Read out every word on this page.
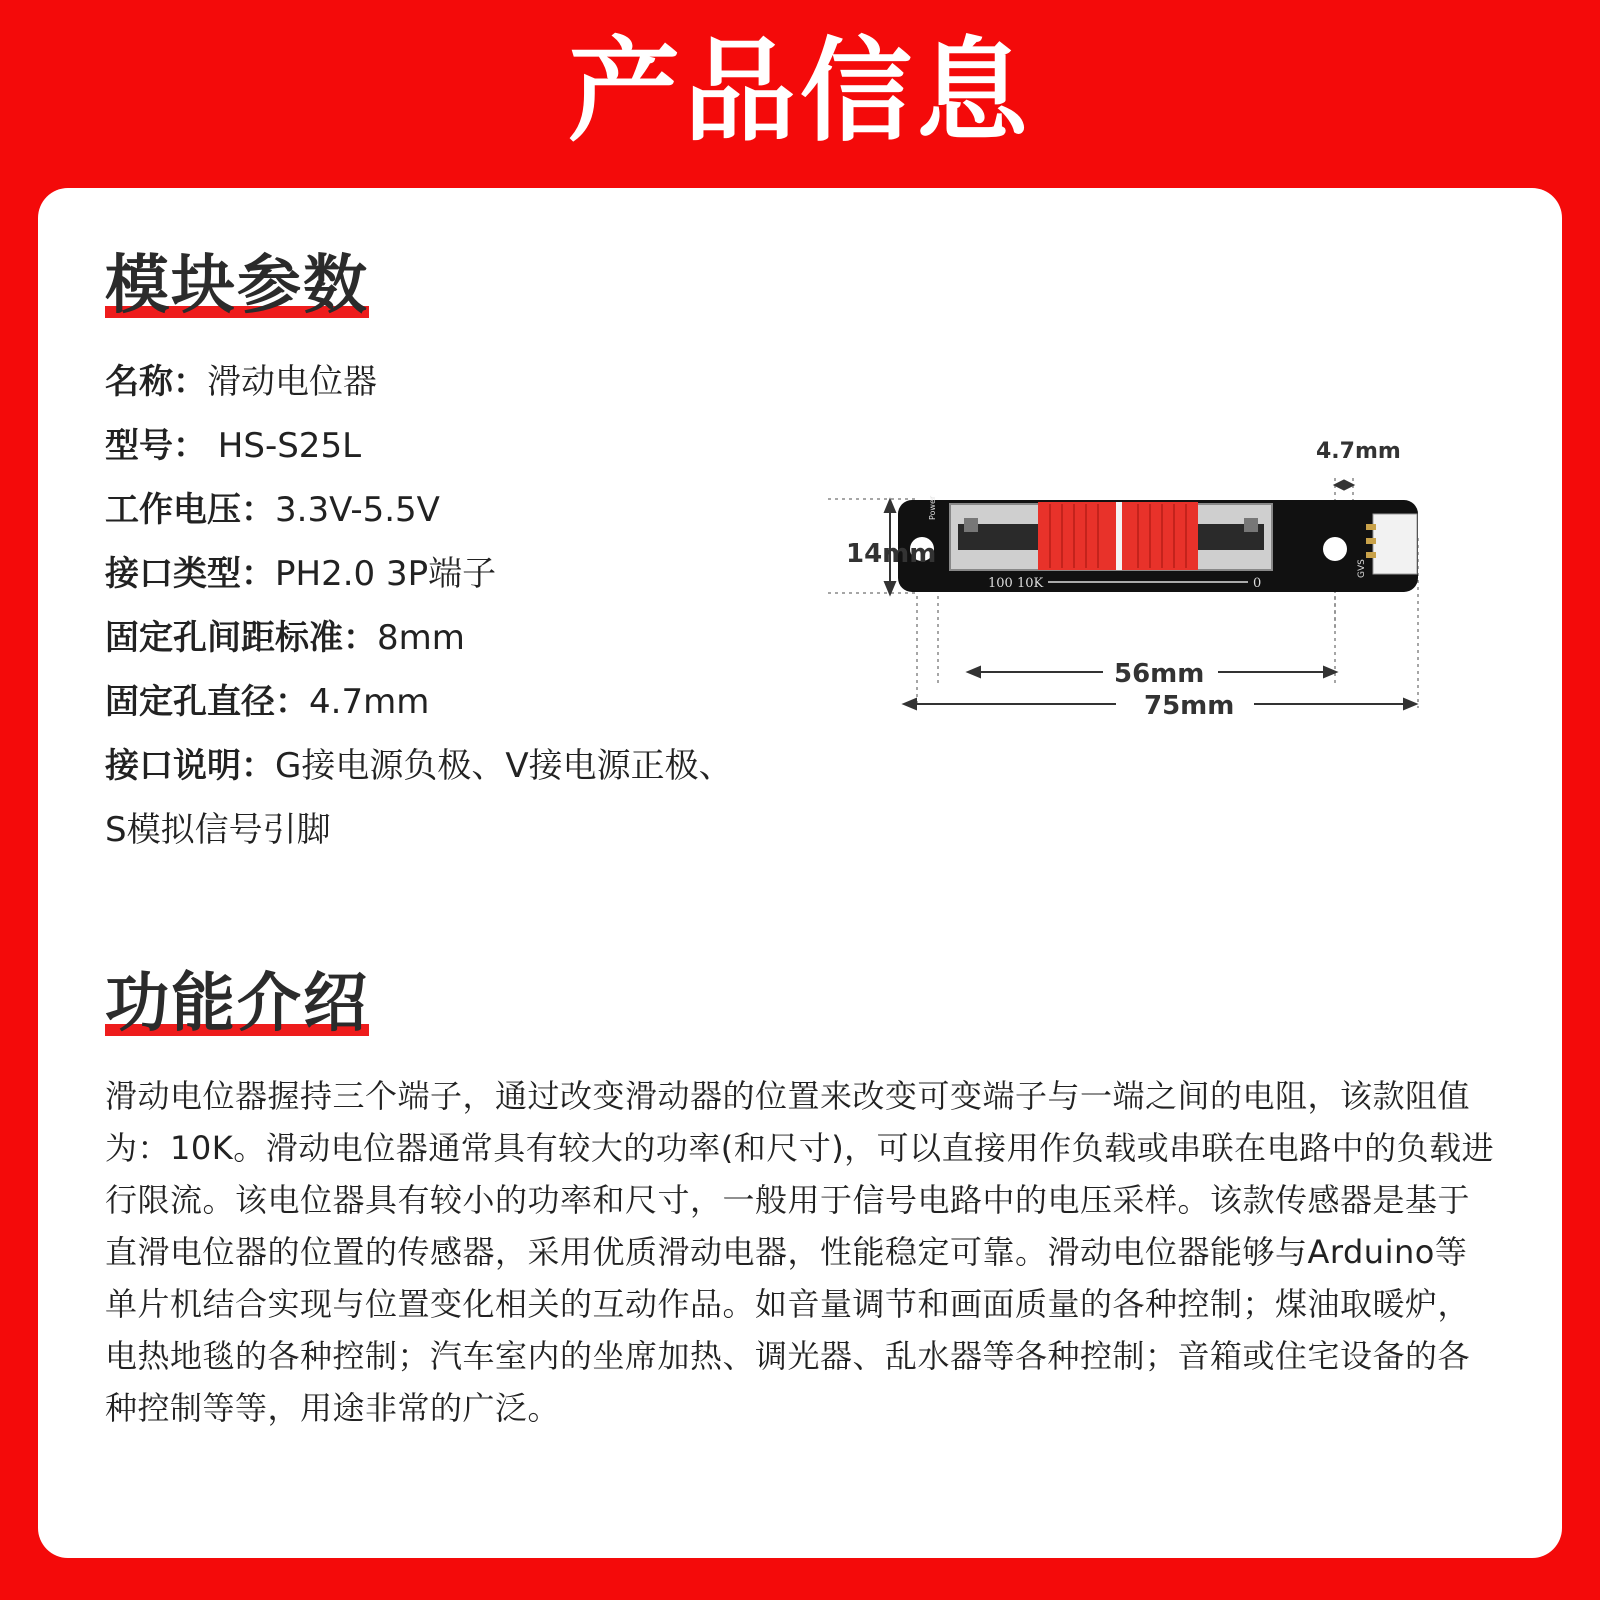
产品信息
模块参数
名称：滑动电位器
型号： HS-S25L
工作电压：3.3V-5.5V
接口类型：PH2.0 3P端子
固定孔间距标准：8mm
固定孔直径：4.7mm
接口说明：G接电源负极、V接电源正极、S模拟信号引脚
100 10K	0
Power
GVS
14mm
4.7mm
56mm
75mm
功能介绍
滑动电位器握持三个端子，通过改变滑动器的位置来改变可变端子与一端之间的电阻，该款阻值为：10K。滑动电位器通常具有较大的功率(和尺寸)，可以直接用作负载或串联在电路中的负载进行限流。该电位器具有较小的功率和尺寸，一般用于信号电路中的电压采样。该款传感器是基于直滑电位器的位置的传感器，采用优质滑动电器，性能稳定可靠。滑动电位器能够与Arduino等单片机结合实现与位置变化相关的互动作品。如音量调节和画面质量的各种控制；煤油取暖炉，电热地毯的各种控制；汽车室内的坐席加热、调光器、乱水器等各种控制；音箱或住宅设备的各种控制等等，用途非常的广泛。
